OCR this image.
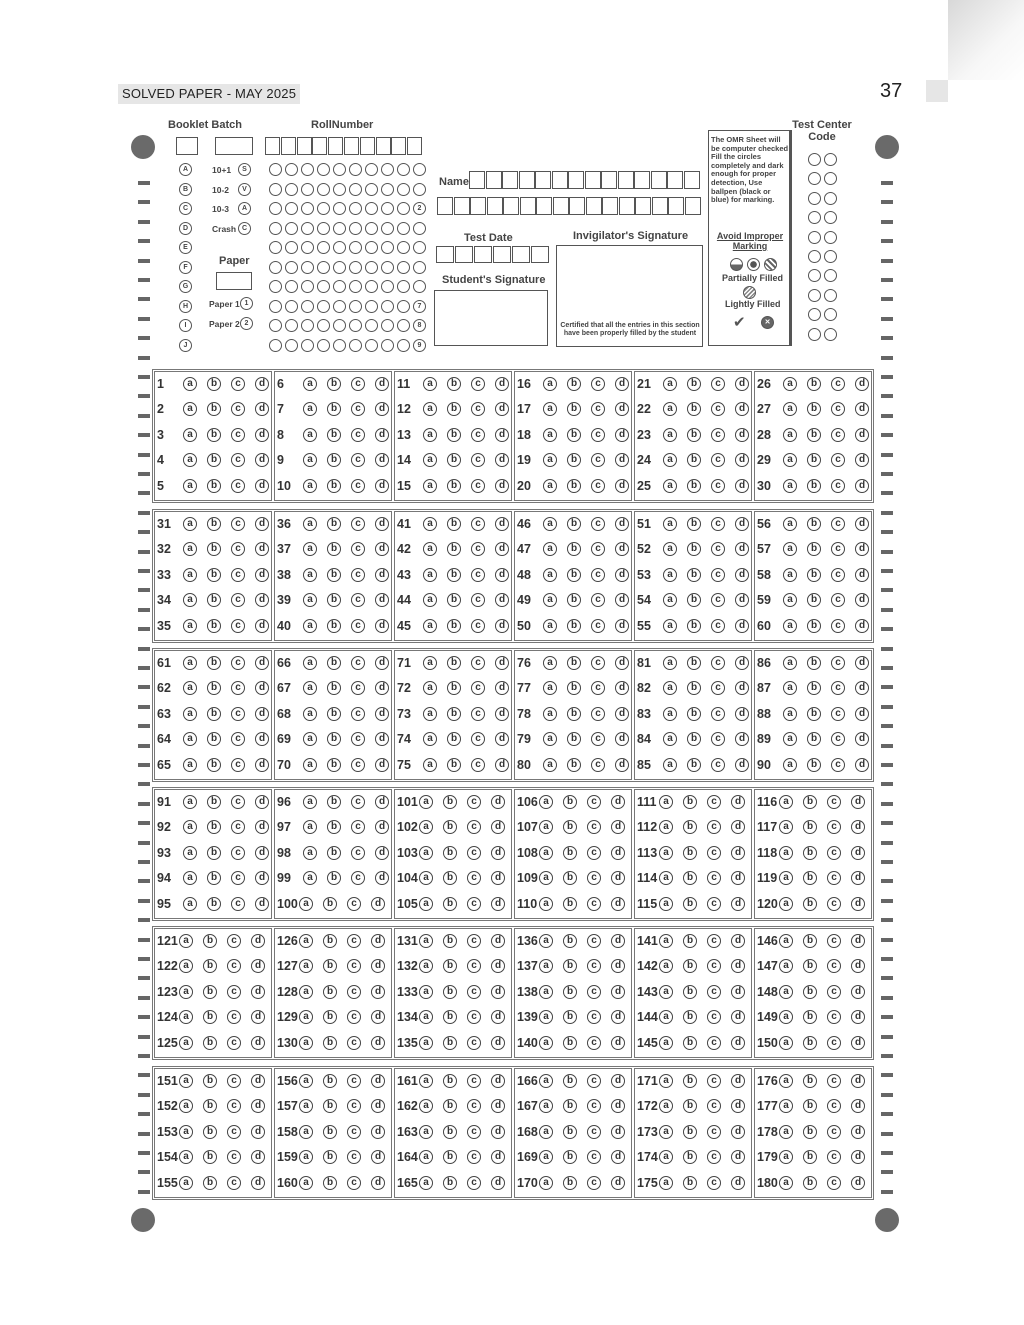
SOLVED PAPER - MAY 2025	37
Booklet Batch	RollNumber
A
B
C
D
E
F
G
H
I
J
10+1	S
10-2	V
10-3	A
Crash C
Paper
Paper 1 1
Paper 2 2
2
7
8
9
Name
Test Date
Student's Signature
Invigilator's Signature
Certified that all the entries in this section have been properly filled by the student
The OMR Sheet will be computer checked Fill the circles completely and dark enough for proper detection, Use ballpen (black or blue) for marking.
Avoid Improper Marking
Partially Filled
Lightly Filled
✔	✕
Test Center Code
1	a	b	c	d
2	a	b	c	d
3	a	b	c	d
4	a	b	c	d
5	a	b	c	d
6	a	b	c	d
7	a	b	c	d
8	a	b	c	d
9	a	b	c	d
10	a	b	c	d
11	a	b	c	d
12	a	b	c	d
13	a	b	c	d
14	a	b	c	d
15	a	b	c	d
16	a	b	c	d
17	a	b	c	d
18	a	b	c	d
19	a	b	c	d
20	a	b	c	d
21	a	b	c	d
22	a	b	c	d
23	a	b	c	d
24	a	b	c	d
25	a	b	c	d
26	a	b	c	d
27	a	b	c	d
28	a	b	c	d
29	a	b	c	d
30	a	b	c	d
31	a	b	c	d
32	a	b	c	d
33	a	b	c	d
34	a	b	c	d
35	a	b	c	d
36	a	b	c	d
37	a	b	c	d
38	a	b	c	d
39	a	b	c	d
40	a	b	c	d
41	a	b	c	d
42	a	b	c	d
43	a	b	c	d
44	a	b	c	d
45	a	b	c	d
46	a	b	c	d
47	a	b	c	d
48	a	b	c	d
49	a	b	c	d
50	a	b	c	d
51	a	b	c	d
52	a	b	c	d
53	a	b	c	d
54	a	b	c	d
55	a	b	c	d
56	a	b	c	d
57	a	b	c	d
58	a	b	c	d
59	a	b	c	d
60	a	b	c	d
61	a	b	c	d
62	a	b	c	d
63	a	b	c	d
64	a	b	c	d
65	a	b	c	d
66	a	b	c	d
67	a	b	c	d
68	a	b	c	d
69	a	b	c	d
70	a	b	c	d
71	a	b	c	d
72	a	b	c	d
73	a	b	c	d
74	a	b	c	d
75	a	b	c	d
76	a	b	c	d
77	a	b	c	d
78	a	b	c	d
79	a	b	c	d
80	a	b	c	d
81	a	b	c	d
82	a	b	c	d
83	a	b	c	d
84	a	b	c	d
85	a	b	c	d
86	a	b	c	d
87	a	b	c	d
88	a	b	c	d
89	a	b	c	d
90	a	b	c	d
91	a	b	c	d
92	a	b	c	d
93	a	b	c	d
94	a	b	c	d
95	a	b	c	d
96	a	b	c	d
97	a	b	c	d
98	a	b	c	d
99	a	b	c	d
100 a	b	c	d
101 a	b	c	d
102 a	b	c	d
103 a	b	c	d
104 a	b	c	d
105 a	b	c	d
106 a	b	c	d
107 a	b	c	d
108 a	b	c	d
109 a	b	c	d
110 a	b	c	d
111 a	b	c	d
112 a	b	c	d
113 a	b	c	d
114 a	b	c	d
115 a	b	c	d
116 a	b	c	d
117 a	b	c	d
118 a	b	c	d
119 a	b	c	d
120 a	b	c	d
121 a	b	c	d
122 a	b	c	d
123 a	b	c	d
124 a	b	c	d
125 a	b	c	d
126 a	b	c	d
127 a	b	c	d
128 a	b	c	d
129 a	b	c	d
130 a	b	c	d
131 a	b	c	d
132 a	b	c	d
133 a	b	c	d
134 a	b	c	d
135 a	b	c	d
136 a	b	c	d
137 a	b	c	d
138 a	b	c	d
139 a	b	c	d
140 a	b	c	d
141 a	b	c	d
142 a	b	c	d
143 a	b	c	d
144 a	b	c	d
145 a	b	c	d
146 a	b	c	d
147 a	b	c	d
148 a	b	c	d
149 a	b	c	d
150 a	b	c	d
151 a	b	c	d
152 a	b	c	d
153 a	b	c	d
154 a	b	c	d
155 a	b	c	d
156 a	b	c	d
157 a	b	c	d
158 a	b	c	d
159 a	b	c	d
160 a	b	c	d
161 a	b	c	d
162 a	b	c	d
163 a	b	c	d
164 a	b	c	d
165 a	b	c	d
166 a	b	c	d
167 a	b	c	d
168 a	b	c	d
169 a	b	c	d
170 a	b	c	d
171 a	b	c	d
172 a	b	c	d
173 a	b	c	d
174 a	b	c	d
175 a	b	c	d
176 a	b	c	d
177 a	b	c	d
178 a	b	c	d
179 a	b	c	d
180 a	b	c	d
